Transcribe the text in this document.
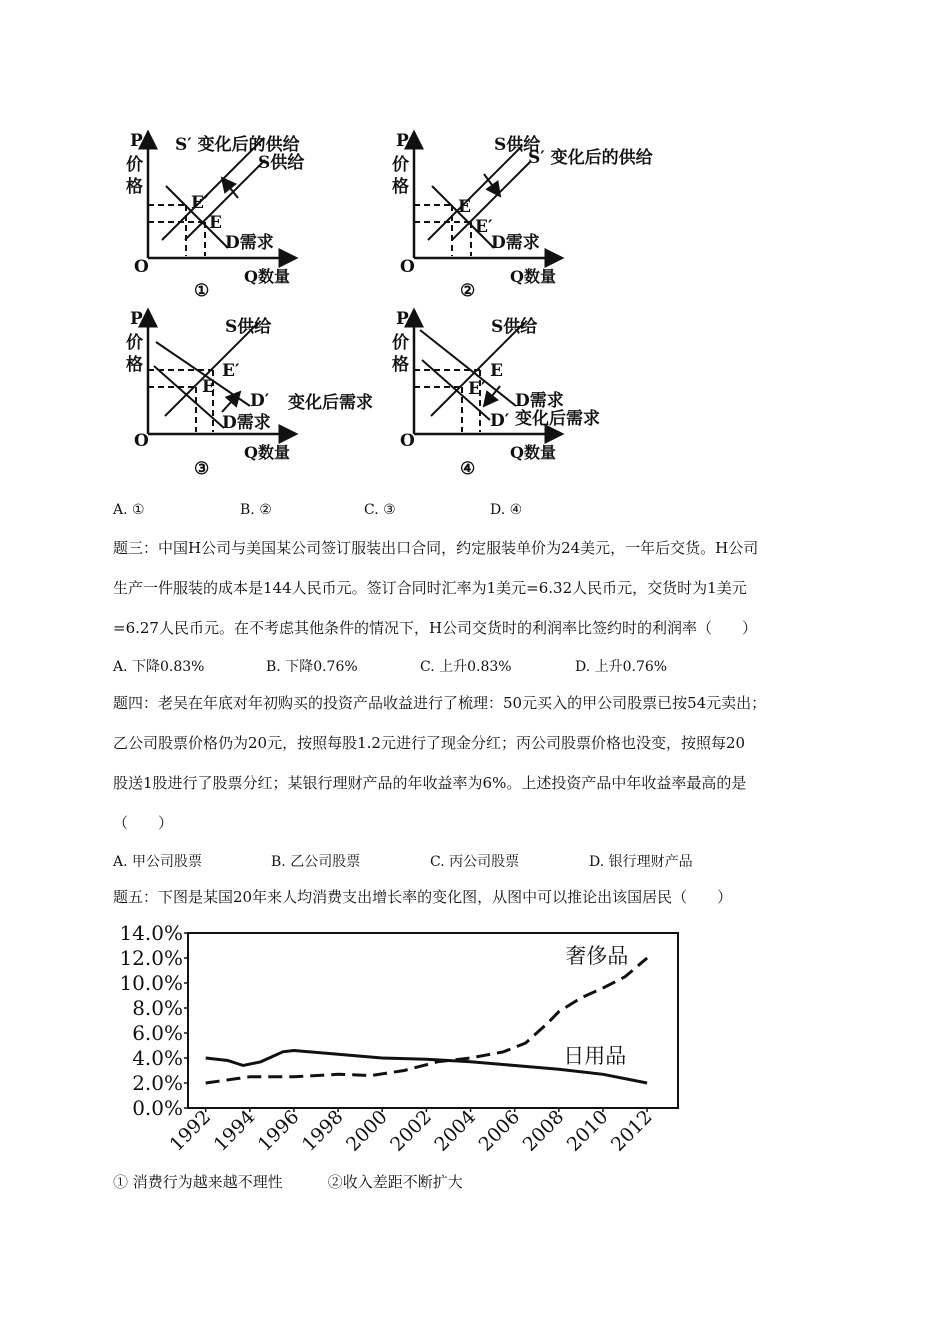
P
价
格
O	Q数量
①
S′ 变化后的供给
S供给
D需求
E′
E
P
价
格
O	Q数量
②
S供给
S′ 变化后的供给
D需求
E
E′
P
价
格
O
Q数量
③
S供给
D′ 变化后需求
D需求
E′
E
P
价
格
O
Q数量
④
S供给
D需求
D′ 变化后需求
E
E′
A. ①	B. ②	C. ③	D. ④
题三：中国H公司与美国某公司签订服装出口合同，约定服装单价为24美元，一年后交货。H公司
生产一件服装的成本是144人民币元。签订合同时汇率为1美元=6.32人民币元，交货时为1美元
=6.27人民币元。在不考虑其他条件的情况下，H公司交货时的利润率比签约时的利润率（　　）
A. 下降0.83%	B. 下降0.76%	C. 上升0.83%	D. 上升0.76%
题四：老吴在年底对年初购买的投资产品收益进行了梳理：50元买入的甲公司股票已按54元卖出；
乙公司股票价格仍为20元，按照每股1.2元进行了现金分红；丙公司股票价格也没变，按照每20
股送1股进行了股票分红；某银行理财产品的年收益率为6%。上述投资产品中年收益率最高的是
（　　）
A. 甲公司股票	B. 乙公司股票	C. 丙公司股票	D. 银行理财产品
题五：下图是某国20年来人均消费支出增长率的变化图，从图中可以推论出该国居民（　　）
0.0%
2.0%
4.0%
6.0%
8.0%
10.0%
12.0%
14.0%
1992
1994
1996
1998
2000
2002
2004
2006
2008
2010
2012
奢侈品
日用品
① 消费行为越来越不理性　　　②收入差距不断扩大
